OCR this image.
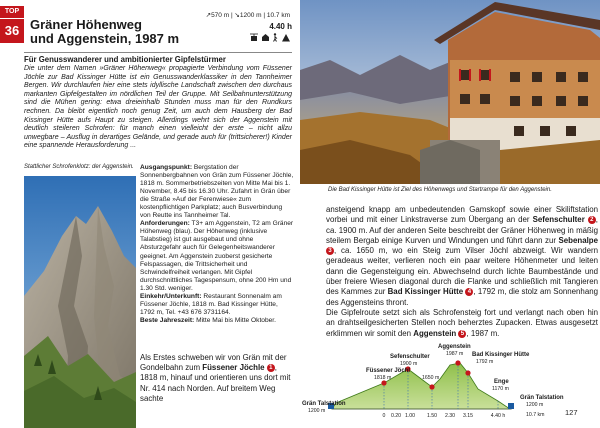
TOP
36 Gräner Höhenweg
und Aggenstein, 1987 m
↗570 m | ↘1200 m | 10.7 km
4.40 h
Für Genusswanderer und ambitionierter Gipfelstürmer
Die unter dem Namen »Gräner Höhenweg« propagierte Verbindung vom Füssener Jöchle zur Bad Kissinger Hütte ist ein Genusswanderklassiker in den Tannheimer Bergen. Wir durchlaufen hier eine stets idyllische Landschaft zwischen den durchaus markanten Gipfelgestalten im nördlichen Teil der Gruppe. Mit Seilbahnunterstützung sind die Mühen gering: etwa dreieinhalb Stunden muss man für den Rundkurs rechnen. Da bleibt eigentlich noch genug Zeit, um auch dem Hausberg der Bad Kissinger Hütte aufs Haupt zu steigen. Allerdings wehrt sich der Aggenstein mit deutlich steileren Schrofen: für manch einen vielleicht der erste – nicht allzu unwegbare – Ausflug in derartiges Gelände, und gerade auch für (trittsicherer!) Kinder eine spannende Herausforderung ...
Stattlicher Schrofenklotz: der Aggenstein. Ausgangspunkt: Bergstation der Sonnenbergbahnen von Grän zum Füssener Jöchle, 1818 m. Sommerbetriebszeiten von Mitte Mai bis 1. November, 8.45 bis 16.30 Uhr. Zufahrt in Grän über die Straße »Auf der Ferenwiese« zum kostenpflichtigen Parkplatz; auch Busverbindung von Reutte ins Tannheimer Tal.
Anforderungen: T3+ am Aggenstein, T2 am Gräner Höhenweg (blau). Der Höhenweg (inklusive Talabstieg) ist gut ausgebaut und ohne Absturzgefahr auch für Gelegenheitswanderer geeignet. Am Aggenstein zuoberst gesicherte Felspassagen, die Trittsicherheit und Schwindelfreiheit verlangen. Mit Gipfel durchschnittliches Tagespensum, ohne 200 Hm und 1.30 Std. weniger.
Einkehr/Unterkunft: Restaurant Sonnenalm am Füssener Jöchle, 1818 m. Bad Kissinger Hütte, 1792 m, Tel. +43 676 3731164.
Beste Jahreszeit: Mitte Mai bis Mitte Oktober.
Als Erstes schweben wir von Grän mit der Gondelbahn zum Füssener Jöchle 1 , 1818 m, hinauf und orientieren uns dort mit Nr. 414 nach Norden. Auf breitem Weg sachte
Die Bad Kissinger Hütte ist Ziel des Höhenwegs und Startrampe für den Aggenstein.
ansteigend knapp am unbedeutenden Gamskopf sowie einer Skiliftstation vorbei und mit einer Linkstraverse zum Übergang an der Sefenschulter 2 , ca. 1900 m. Auf der anderen Seite beschreibt der Gräner Höhenweg in mäßig steilem Bergab einige Kurven und Windungen und führt dann zur Sebenalpe 3 , ca. 1650 m, wo ein Steig zum Vilser Jöchl abzweigt. Wir wandern geradeaus weiter, verlieren noch ein paar weitere Höhenmeter und leiten dann die Gegensteigung ein. Abwechselnd durch lichte Baumbestände und über freiere Wiesen diagonal durch die Flanke und schließlich mit Tangieren des Kammes zur Bad Kissinger Hütte 4 , 1792 m, die stolz am Sonnenhang des Aggensteins thront.
Die Gipfelroute setzt sich als Schrofensteig fort und verlangt nach oben hin an drahtseilgesicherten Stellen noch beherztes Zupacken. Etwas ausgesetzt erklimmen wir somit den Aggenstein 5 , 1987 m.
Grän Talstation
1200 m
Füssener Jöchl
1818 m
Sefenschulter
1900 m
1650 m
Aggenstein
1987 m Bad Kissinger Hütte
1792 m
Enge
1170 m
Grän Talstation
1200 m
10.7 km
0 0.20 1.00 1.50 2.30 3.15	4.40 h	127
